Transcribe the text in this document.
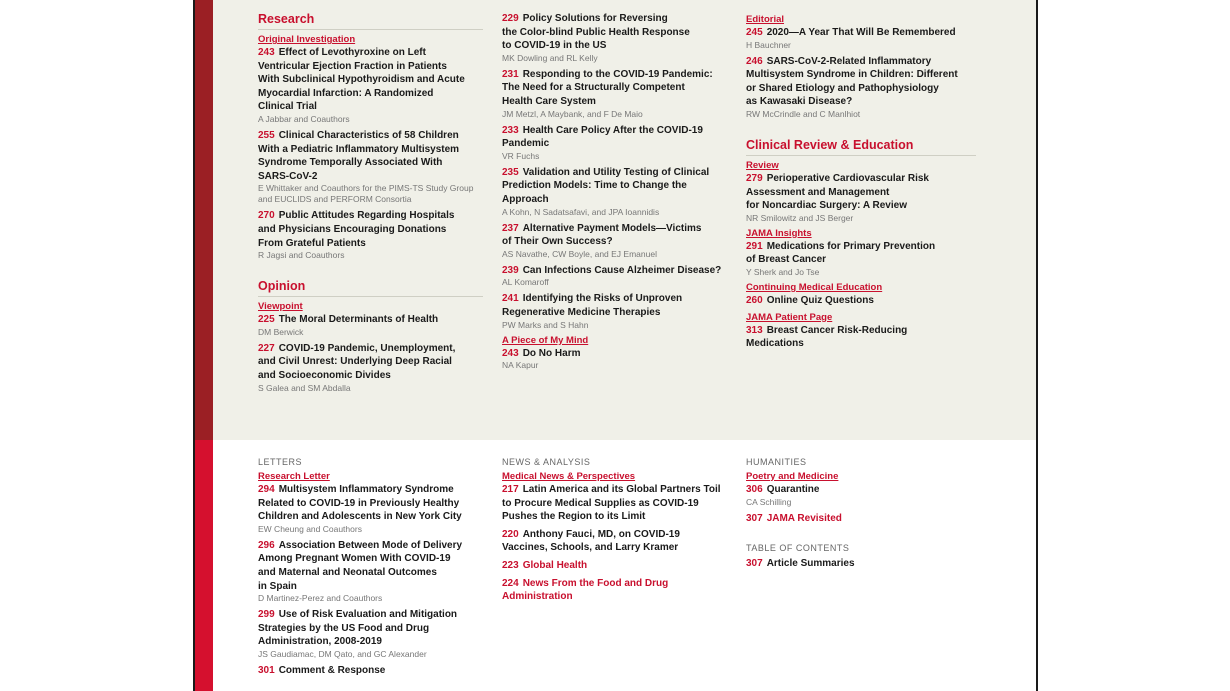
Research
Original Investigation
243 Effect of Levothyroxine on Left
Ventricular Ejection Fraction in Patients
With Subclinical Hypothyroidism and Acute
Myocardial Infarction: A Randomized
Clinical Trial
A Jabbar and Coauthors
255 Clinical Characteristics of 58 Children
With a Pediatric Inflammatory Multisystem
Syndrome Temporally Associated With
SARS-CoV-2
E Whittaker and Coauthors for the PIMS-TS Study Group and EUCLIDS and PERFORM Consortia
270 Public Attitudes Regarding Hospitals
and Physicians Encouraging Donations
From Grateful Patients
R Jagsi and Coauthors
Opinion
Viewpoint
225 The Moral Determinants of Health
DM Berwick
227 COVID-19 Pandemic, Unemployment,
and Civil Unrest: Underlying Deep Racial
and Socioeconomic Divides
S Galea and SM Abdalla
229 Policy Solutions for Reversing
the Color-blind Public Health Response
to COVID-19 in the US
MK Dowling and RL Kelly
231 Responding to the COVID-19 Pandemic:
The Need for a Structurally Competent
Health Care System
JM Metzl, A Maybank, and F De Maio
233 Health Care Policy After the COVID-19
Pandemic
VR Fuchs
235 Validation and Utility Testing of Clinical
Prediction Models: Time to Change the
Approach
A Kohn, N Sadatsafavi, and JPA Ioannidis
237 Alternative Payment Models—Victims
of Their Own Success?
AS Navathe, CW Boyle, and EJ Emanuel
239 Can Infections Cause Alzheimer Disease?
AL Komaroff
241 Identifying the Risks of Unproven
Regenerative Medicine Therapies
PW Marks and S Hahn
A Piece of My Mind
243 Do No Harm
NA Kapur
Editorial
245 2020—A Year That Will Be Remembered
H Bauchner
246 SARS-CoV-2-Related Inflammatory
Multisystem Syndrome in Children: Different
or Shared Etiology and Pathophysiology
as Kawasaki Disease?
RW McCrindle and C Manlhiot
Clinical Review & Education
Review
279 Perioperative Cardiovascular Risk
Assessment and Management
for Noncardiac Surgery: A Review
NR Smilowitz and JS Berger
JAMA Insights
291 Medications for Primary Prevention
of Breast Cancer
Y Sherk and Jo Tse
Continuing Medical Education
260 Online Quiz Questions
JAMA Patient Page
313 Breast Cancer Risk-Reducing
Medications
LETTERS
Research Letter
294 Multisystem Inflammatory Syndrome
Related to COVID-19 in Previously Healthy
Children and Adolescents in New York City
EW Cheung and Coauthors
296 Association Between Mode of Delivery
Among Pregnant Women With COVID-19
and Maternal and Neonatal Outcomes
in Spain
D Martinez-Perez and Coauthors
299 Use of Risk Evaluation and Mitigation
Strategies by the US Food and Drug
Administration, 2008-2019
JS Gaudiamac, DM Qato, and GC Alexander
301 Comment & Response
NEWS & ANALYSIS
Medical News & Perspectives
217 Latin America and its Global Partners Toil
to Procure Medical Supplies as COVID-19
Pushes the Region to its Limit
220 Anthony Fauci, MD, on COVID-19
Vaccines, Schools, and Larry Kramer
223 Global Health
224 News From the Food and Drug
Administration
HUMANITIES
Poetry and Medicine
306 Quarantine
CA Schilling
307 JAMA Revisited
TABLE OF CONTENTS
307 Article Summaries
